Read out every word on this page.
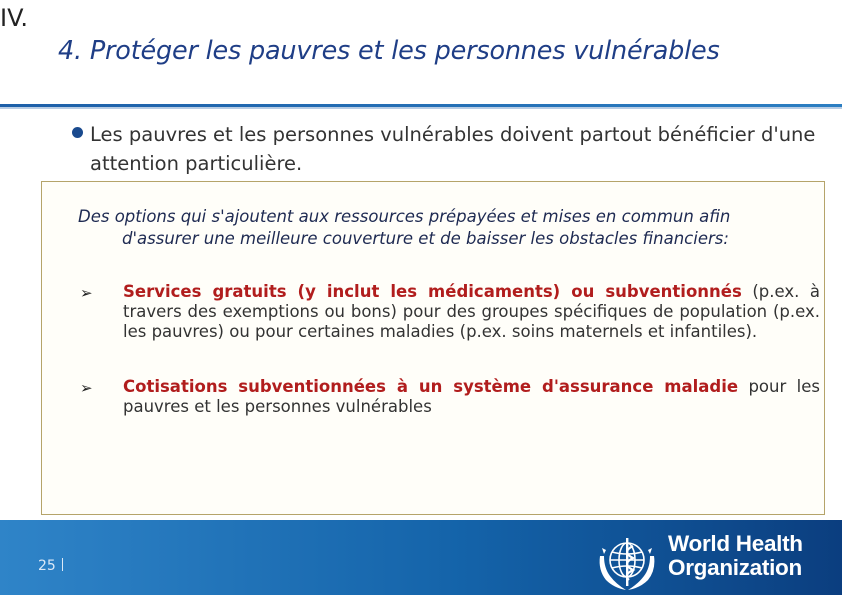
IV.
4. Protéger les pauvres et les personnes vulnérables
Les pauvres et les personnes vulnérables doivent partout bénéficier d'une attention particulière.
Des options qui s'ajoutent aux ressources prépayées et mises en commun afin
d'assurer une meilleure couverture et de baisser les obstacles financiers:
➢ Services gratuits (y inclut les médicaments) ou subventionnés (p.ex. à travers des exemptions ou bons) pour des groupes spécifiques de population (p.ex. les pauvres) ou pour certaines maladies (p.ex. soins maternels et infantiles).
➢ Cotisations subventionnées à un système d'assurance maladie pour les pauvres et les personnes vulnérables
25
World Health
Organization
